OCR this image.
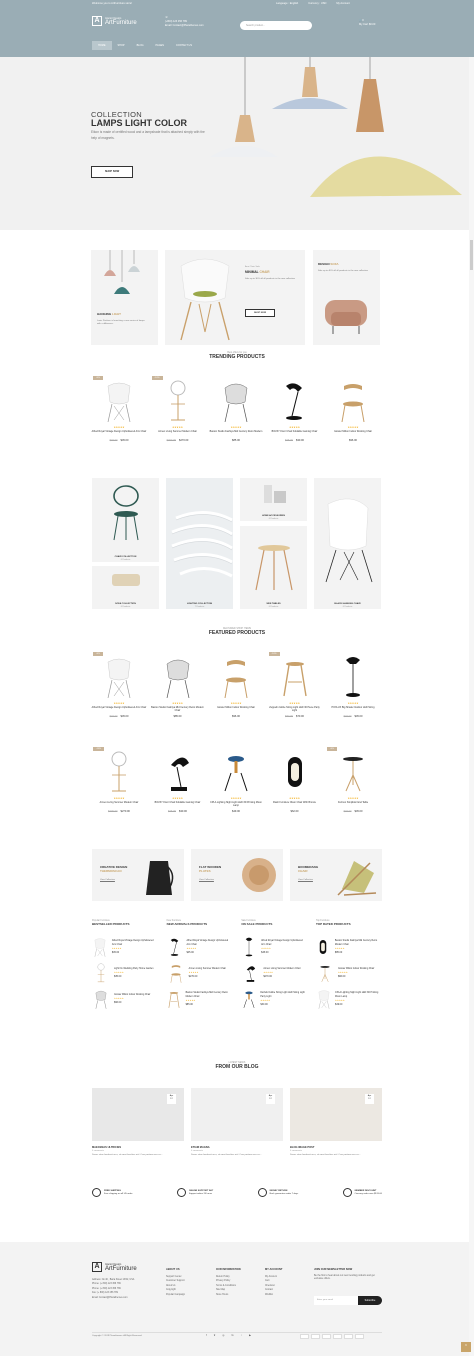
Welcome you to ArtFurniture store!	Language : English	Currency : USD	My Account
A	Interior Design
ArtFurniture
☏
(+800) 123 456 789
Email: Contact@Plazathemes.com	Search product...	⌕
🛒0
My Cart $0.00
HOME	SHOP	BLOG	PAGES	CONTACT US
COLLECTION
LAMPS LIGHT COLOR
Eikon is made of certified wood and a lampshade that is attached simply with the help of magnets.
SHOP NOW
HANGING LIGHT
Louis Poulsen is launching a new series of lamps with a difference.
Arm Chair Sale
MINIMAL CHAIR
Sale up to 30% off all products in the new collection
SHOP NOW
DESIGN SOFA
Sale up to 40% off all products in the new collection
Best offers for you
TRENDING PRODUCTS
-5%
★★★★★
Alfred Royal Vintage Design Upholstered Arm Chair
$46.00 $45.00
-10%
★★★★★
Armen Living Summer Modern Chair
$300.00 $270.00
★★★★★
Baxton Studio Fashiya Mid Century Retro Modern
$85.00
★★★★★
BOVZY Floor Chair Foldable Gaming Chair
$35.00 $30.00
★★★★★
Gioster Milton Indoor Rocking Chair
$96.00
CHAIR COLLECTION
6 Products
SOFA COLLECTION
6 Products
LIGHTING COLLECTION
7 Products
HOME ACCESSORIES
6 Products
SIDE TABLES
6 Products
BLACK HANGING CHAIR
6 Products
FEATURED SHOP ITEMS
FEATURED PRODUCTS
-5%
★★★★★
Alfred Royal Vintage Design Upholstered Arm Chair
$46.00 $45.00
★★★★★
Baxton Studio Fashiya Mid Century Retro Modern Chair
$85.00
★★★★★
Gioster Milton Indoor Rocking Chair
$96.00
-10%
★★★★★
Zeppelin Globe String Light LED 30 Piece Party Light
$80.00 $70.00
★★★★★
POXLUX Big Shade Outdoor LED String
$46.00 $45.00
-10%
★★★★★
Armen Living Summer Modern Chair
$300.00 $270.00
★★★★★
BOVZY Floor Chair Foldable Gaming Chair
$35.00 $30.00
★★★★★
CPLA Lighting Night Light LED 3D Printing Moon Lamp
$49.00
★★★★★
Flash Furniture Olson Chair With Bronze
$62.00
-5%
★★★★★
Furinno Simplistic End Table
$46.00 $45.00
CREATIVE DESIGN
THERMOSCAN
View Collection
FLAT WOODEN
PLATES
View Collection
BOOMERANG
CHAIR
View Collection
Popular Furniture
BESTSELLER PRODUCTS
Alfred Royal Vintage Design Upholstered Arm Chair
★★★★★
$45.00
Light Fix Wedding Party Home Garden
★★★★★
$35.00
Gioster Milton Indoor Rocking Chair
★★★★★
$96.00
New Furniture
NEW ARRIVALS PRODUCTS
Alfred Royal Vintage Design Upholstered Arm Chair
★★★★★
$45.00
Armen Living Summer Modern Chair
★★★★★
$270.00
Baxton Studio Fashiya Mid Century Retro Modern Chair
★★★★★
$85.00
Sale Furniture
ON SALE PRODUCTS
Alfred Royal Vintage Design Upholstered Arm Chair
★★★★★
$45.00
Armen Living Summer Modern Chair
★★★★★
$270.00
Darbold Globe String Light LED String Light Party Light
★★★★★
$30.00
Top Furniture
TOP RATED PRODUCTS
Baxton Studio Fashiya Mid Century Retro Modern Chair
★★★★★
$85.00
Gioster Milton Indoor Rocking Chair
★★★★★
$96.00
CPLA Lighting Night Light LED 3D Printing Moon Lamp
★★★★★
$49.00
LATEST NEWS
FROM OUR BLOG
Apr
12
MAECENAS ULTRICIES
0 comments
Donec vitae hendrerit arcu, sit amet faucibus nisl. Cras pretium arcu ex...
Apr
12
ETIAM MAGNA
0 comments
Donec vitae hendrerit arcu, sit amet faucibus nisl. Cras pretium arcu ex...
Apr
12
BLOG IMAGE POST
0 comments
Donec vitae hendrerit arcu, sit amet faucibus nisl. Cras pretium arcu ex...
FREE SHIPPING
Free shipping on all US order
ONLINE SUPPORT 24/7
Support online 24 hours
MONEY RETURN
Back guarantee under 7 days
MEMBER DISCOUNT
Onevery order over $120.00
A	Interior Design
ArtFurniture
Address: No 40 , Baria Street 133/2, USA
Phone: (+ 800) 123 456 789
Phone: (+ 800) 123 456 789
Fax: (+ 800) 123 456 789
Email: Contact@Plazathemes.com
ABOUT US
Support Center
Customer Support
About Us
Copyright
Popular Campaign
OUR INFORMATION
Return Policy
Privacy Policy
Terms & Conditions
Site Map
Store Hours
MY ACCOUNT
My Account
Cart
Checkout
Contact
Wishlist
JOIN OUR NEWSLETTER NOW
Be the first to hear about our new trending products and get exclusive offers.
Enter your email	Subscribe
Copyright © 2019 Plazathemes. All Right Reserved.	f	♥	◎	G	◔	▶
⌃
